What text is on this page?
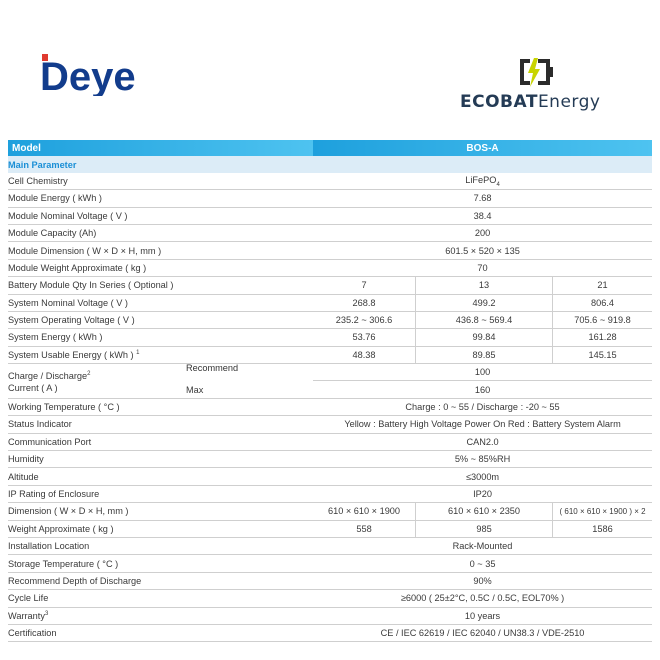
Deye
ECOBATEnergy
Model		BOS-A		
Main Parameter				
Cell Chemistry		LiFePO$_4$
Module Energy ( kWh )		7.68		
Module Nominal Voltage ( V )		38.4		
Module Capacity (Ah)		200		
Module Dimension ( W × D × H, mm )		601.5 × 520 × 135		
Module Weight Approximate ( kg )		70		
Battery Module Qty In Series ( Optional )		7	13	21
System Nominal Voltage ( V )		268.8	499.2	806.4
System Operating Voltage ( V )		235.2 ~ 306.6	436.8 ~ 569.4	705.6 ~ 919.8
System Energy ( kWh )		53.76	99.84	161.28
System Usable Energy ( kWh ) $^1$		48.38	89.85	145.15
Charge / Discharge$^2$
Current ( A )	Recommend	100		
	Max	160		
Working Temperature ( °C )		Charge : 0 ~ 55 / Discharge : -20 ~ 55		
Status Indicator		Yellow : Battery High Voltage Power On Red : Battery System Alarm		
Communication Port		CAN2.0		
Humidity		5% ~ 85%RH		
Altitude		≤3000m		
IP Rating of Enclosure		IP20		
Dimension ( W × D × H, mm )		610 × 610 × 1900	610 × 610 × 2350	( 610 × 610 × 1900 ) × 2
Weight Approximate ( kg )		558	985	1586
Installation Location		Rack-Mounted		
Storage Temperature ( °C )		0 ~ 35		
Recommend Depth of Discharge		90%		
Cycle Life		≥6000 ( 25±2°C, 0.5C / 0.5C, EOL70% )		
Warranty$^3$		10 years		
Certification		CE / IEC 62619 / IEC 62040 / UN38.3 / VDE-2510		
